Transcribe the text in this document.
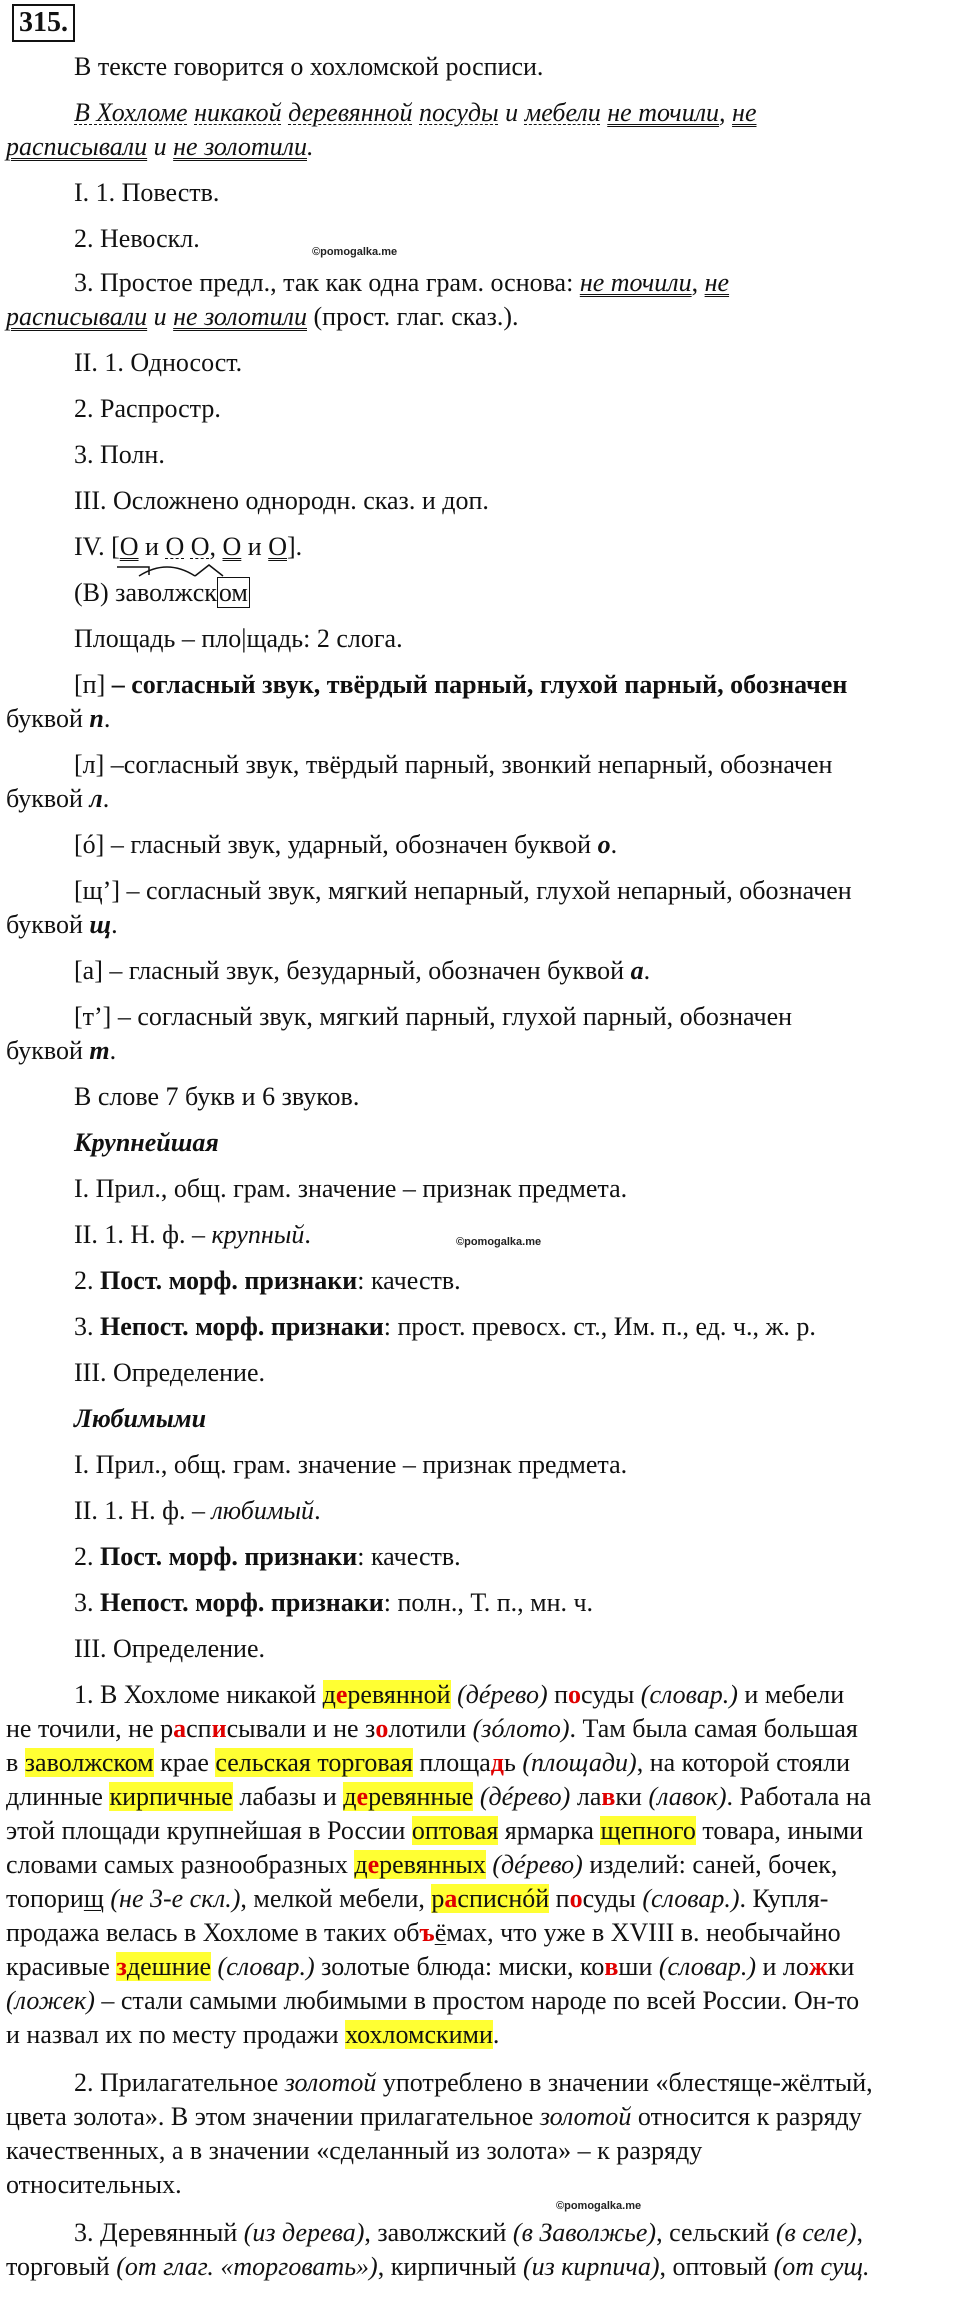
315.
В тексте говорится о хохломской росписи.
В Хохломе никакой деревянной посуды и мебели не точили, не
расписывали и не золотили.
I. 1. Повеств.
2. Невоскл.	©pomogalka.me
3. Простое предл., так как одна грам. основа: не точили, не
расписывали и не золотили (прост. глаг. сказ.).
II. 1. Односост.
2. Распростр.
3. Полн.
III. Осложнено однородн. сказ. и доп.
IV. [O и O O, O и O].
(В)
за
волж
ском
Площадь – пло|щадь: 2 слога.
[п] – согласный звук, твёрдый парный, глухой парный, обозначен
буквой п.
[л] –согласный звук, твёрдый парный, звонкий непарный, обозначен
буквой л.
[ó] – гласный звук, ударный, обозначен буквой о.
[щ’] – согласный звук, мягкий непарный, глухой непарный, обозначен
буквой щ.
[а] – гласный звук, безударный, обозначен буквой а.
[т’] – согласный звук, мягкий парный, глухой парный, обозначен
буквой т.
В слове 7 букв и 6 звуков.
Крупнейшая
I. Прил., общ. грам. значение – признак предмета.
II. 1. Н. ф. – крупный.	©pomogalka.me
2. Пост. морф. признаки: качеств.
3. Непост. морф. признаки: прост. превосх. ст., Им. п., ед. ч., ж. р.
III. Определение.
Любимыми
I. Прил., общ. грам. значение – признак предмета.
II. 1. Н. ф. – любимый.
2. Пост. морф. признаки: качеств.
3. Непост. морф. признаки: полн., Т. п., мн. ч.
III. Определение.
1. В Хохломе никакой деревянной (дéрево) посуды (словар.) и мебели
не точили, не расписывали и не золотили (зóлото). Там была самая большая
в заволжском крае сельская торговая площадь (площади), на которой стояли
длинные кирпичные лабазы и деревянные (дéрево) лавки (лавок). Работала на
этой площади крупнейшая в России оптовая ярмарка щепного товара, иными
словами самых разнообразных деревянных (дéрево) изделий: саней, бочек,
топорищ (не 3-е скл.), мелкой мебели, расписнóй посуды (словар.). Купля-
продажа велась в Хохломе в таких объёмах, что уже в XVIII в. необычайно
красивые здешние (словар.) золотые блюда: миски, ковши (словар.) и ложки
(ложек) – стали самыми любимыми в простом народе по всей России. Он-то
и назвал их по месту продажи хохломскими.
2. Прилагательное золотой употреблено в значении «блестяще-жёлтый,
цвета золота». В этом значении прилагательное золотой относится к разряду
качественных, а в значении «сделанный из золота» – к разряду
относительных.
©pomogalka.me
3. Деревянный (из дерева), заволжский (в Заволжье), сельский (в селе),
торговый (от глаг. «торговать»), кирпичный (из кирпича), оптовый (от сущ.
